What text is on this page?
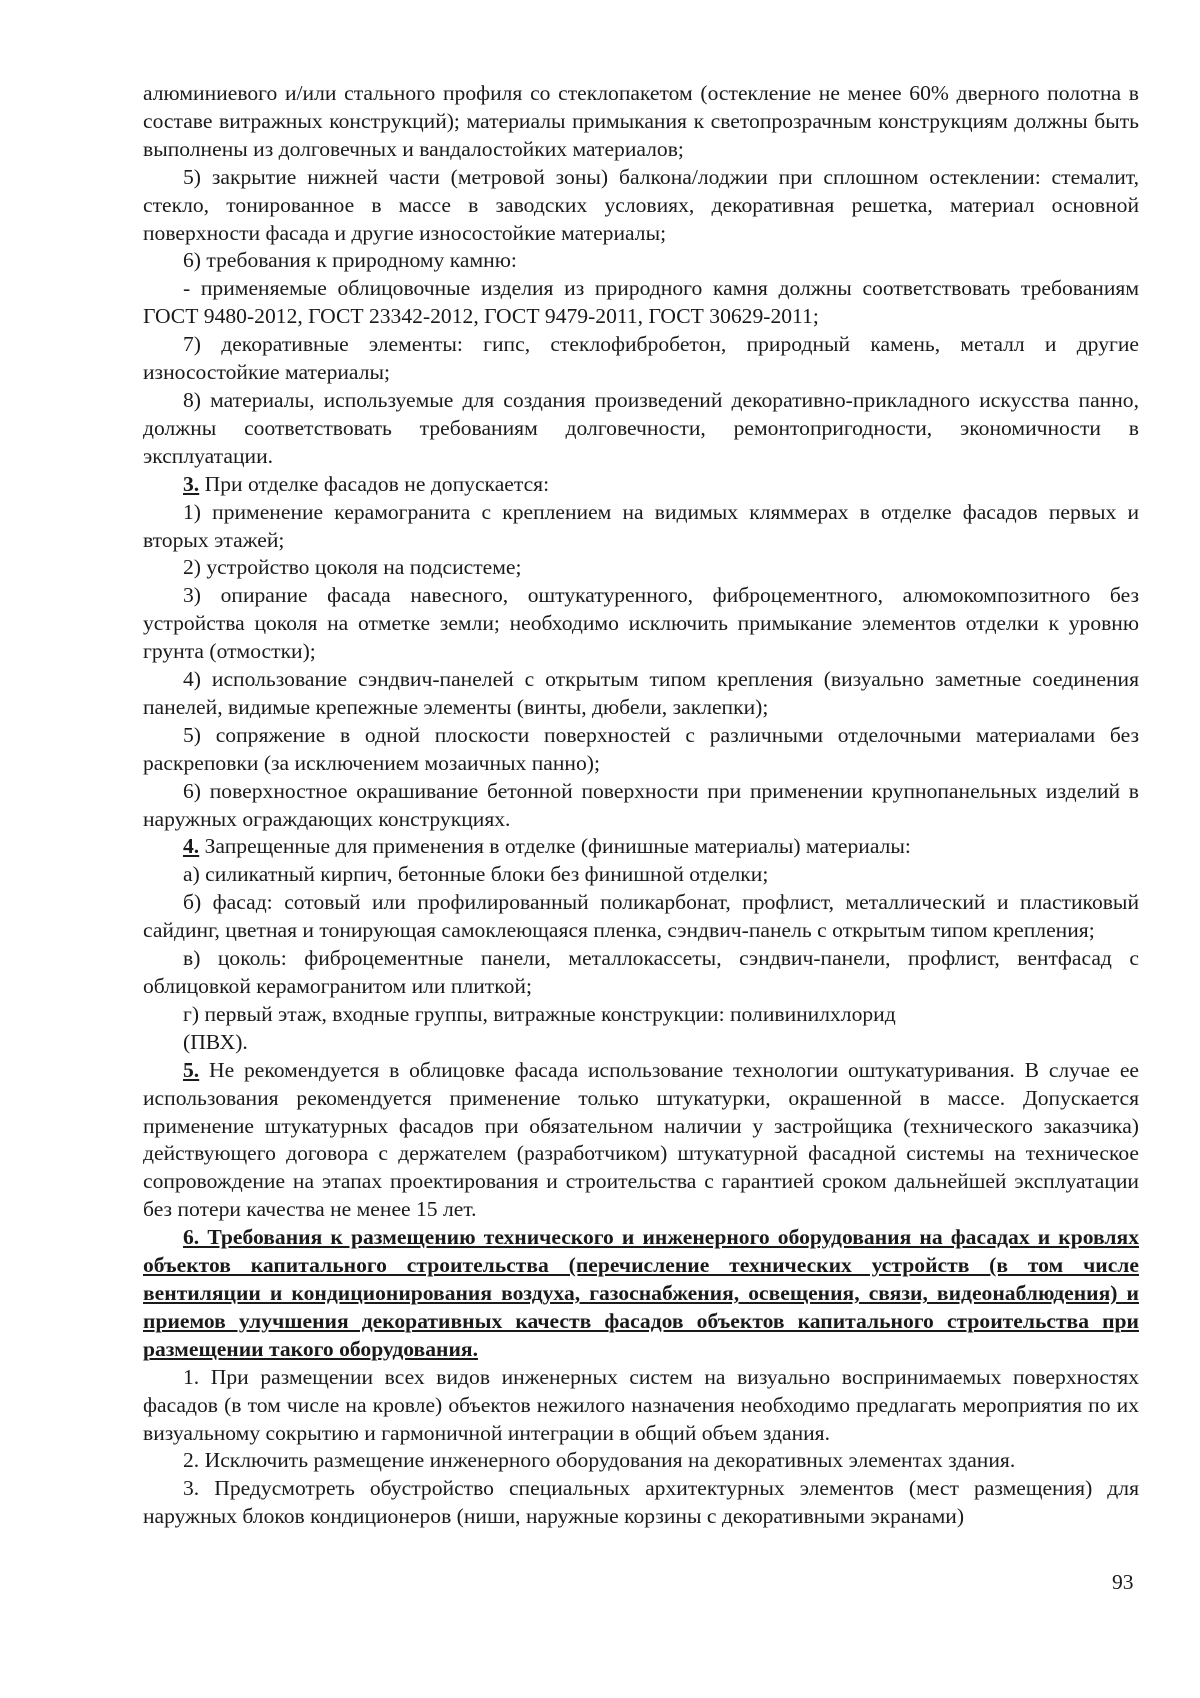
алюминиевого и/или стального профиля со стеклопакетом (остекление не менее 60% дверного полотна в составе витражных конструкций); материалы примыкания к светопрозрачным конструкциям должны быть выполнены из долговечных и вандалостойких материалов;

5) закрытие нижней части (метровой зоны) балкона/лоджии при сплошном остеклении: стемалит, стекло, тонированное в массе в заводских условиях, декоративная решетка, материал основной поверхности фасада и другие износостойкие материалы;

6) требования к природному камню:

- применяемые облицовочные изделия из природного камня должны соответствовать требованиям ГОСТ 9480-2012, ГОСТ 23342-2012, ГОСТ 9479-2011, ГОСТ 30629-2011;

7) декоративные элементы: гипс, стеклофибробетон, природный камень, металл и другие износостойкие материалы;

8) материалы, используемые для создания произведений декоративно-прикладного искусства панно, должны соответствовать требованиям долговечности, ремонтопригодности, экономичности в эксплуатации.

3. При отделке фасадов не допускается:

1) применение керамогранита с креплением на видимых кляммерах в отделке фасадов первых и вторых этажей;

2) устройство цоколя на подсистеме;

3) опирание фасада навесного, оштукатуренного, фиброцементного, алюмокомпозитного без устройства цоколя на отметке земли; необходимо исключить примыкание элементов отделки к уровню грунта (отмостки);

4) использование сэндвич-панелей с открытым типом крепления (визуально заметные соединения панелей, видимые крепежные элементы (винты, дюбели, заклепки);

5) сопряжение в одной плоскости поверхностей с различными отделочными материалами без раскреповки (за исключением мозаичных панно);

6) поверхностное окрашивание бетонной поверхности при применении крупнопанельных изделий в наружных ограждающих конструкциях.

4. Запрещенные для применения в отделке (финишные материалы) материалы:

а) силикатный кирпич, бетонные блоки без финишной отделки;

б) фасад: сотовый или профилированный поликарбонат, профлист, металлический и пластиковый сайдинг, цветная и тонирующая самоклеющаяся пленка, сэндвич-панель с открытым типом крепления;

в) цоколь: фиброцементные панели, металлокассеты, сэндвич-панели, профлист, вентфасад с облицовкой керамогранитом или плиткой;

г) первый этаж, входные группы, витражные конструкции: поливинилхлорид

(ПВХ).

5. Не рекомендуется в облицовке фасада использование технологии оштукатуривания. В случае ее использования рекомендуется применение только штукатурки, окрашенной в массе. Допускается применение штукатурных фасадов при обязательном наличии у застройщика (технического заказчика) действующего договора с держателем (разработчиком) штукатурной фасадной системы на техническое сопровождение на этапах проектирования и строительства с гарантией сроком дальнейшей эксплуатации без потери качества не менее 15 лет.

6. Требования к размещению технического и инженерного оборудования на фасадах и кровлях объектов капитального строительства (перечисление технических устройств (в том числе вентиляции и кондиционирования воздуха, газоснабжения, освещения, связи, видеонаблюдения) и приемов улучшения декоративных качеств фасадов объектов капитального строительства при размещении такого оборудования.

1. При размещении всех видов инженерных систем на визуально воспринимаемых поверхностях фасадов (в том числе на кровле) объектов нежилого назначения необходимо предлагать мероприятия по их визуальному сокрытию и гармоничной интеграции в общий объем здания.

2. Исключить размещение инженерного оборудования на декоративных элементах здания.

3. Предусмотреть обустройство специальных архитектурных элементов (мест размещения) для наружных блоков кондиционеров (ниши, наружные корзины с декоративными экранами)

93
